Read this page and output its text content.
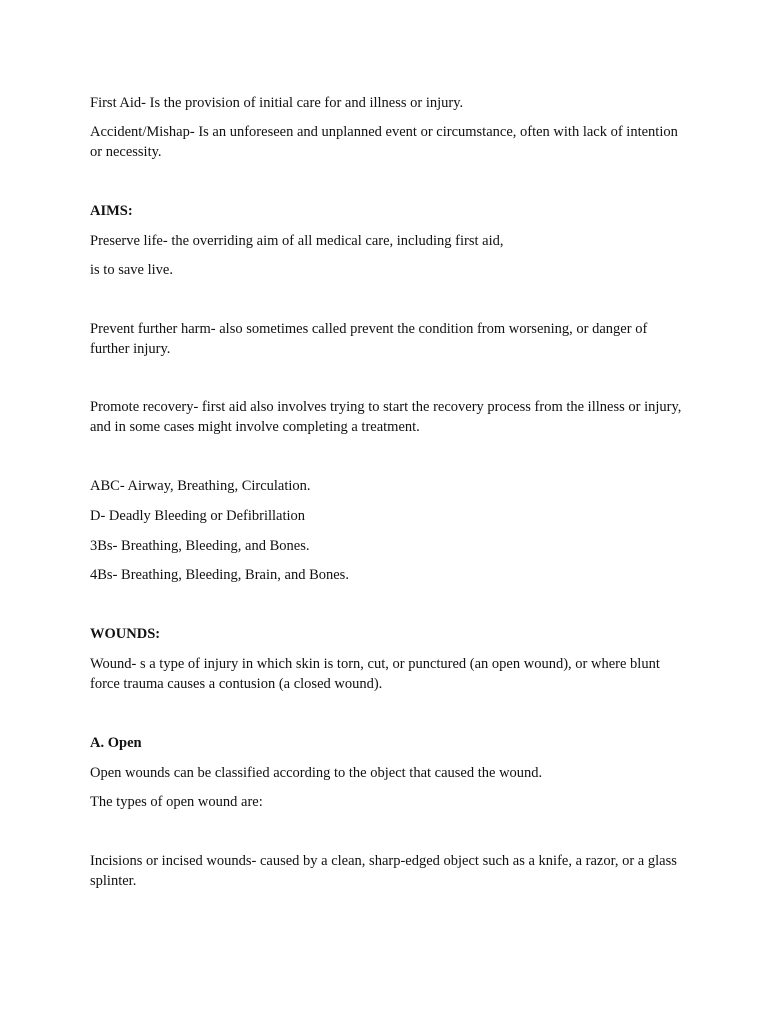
First Aid- Is the provision of initial care for and illness or injury.

Accident/Mishap- Is an unforeseen and unplanned event or circumstance, often with lack of intention or necessity.

AIMS:

Preserve life- the overriding aim of all medical care, including first aid,

is to save live.

Prevent further harm- also sometimes called prevent the condition from worsening, or danger of further injury.

Promote recovery- first aid also involves trying to start the recovery process from the illness or injury, and in some cases might involve completing a treatment.

ABC- Airway, Breathing, Circulation.

D- Deadly Bleeding or Defibrillation

3Bs- Breathing, Bleeding, and Bones.

4Bs- Breathing, Bleeding, Brain, and Bones.

WOUNDS:

Wound- s a type of injury in which skin is torn, cut, or punctured (an open wound), or where blunt force trauma causes a contusion (a closed wound).

A. Open

Open wounds can be classified according to the object that caused the wound.

The types of open wound are:

Incisions or incised wounds- caused by a clean, sharp-edged object such as a knife, a razor, or a glass splinter.
